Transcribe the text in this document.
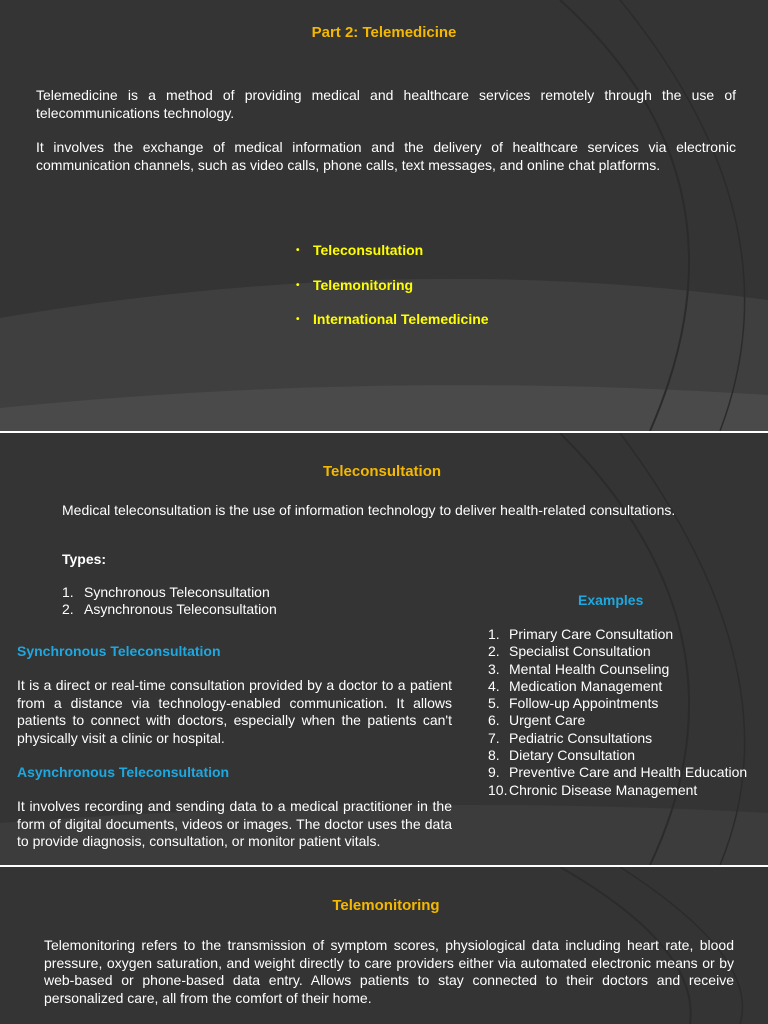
Part 2: Telemedicine

Telemedicine is a method of providing medical and healthcare services remotely through the use of telecommunications technology.

It involves the exchange of medical information and the delivery of healthcare services via electronic communication channels, such as video calls, phone calls, text messages, and online chat platforms.

• Teleconsultation
• Telemonitoring
• International Telemedicine
Teleconsultation

Medical teleconsultation is the use of information technology to deliver health-related consultations.

Types:

1. Synchronous Teleconsultation
2. Asynchronous Teleconsultation
Synchronous Teleconsultation

It is a direct or real-time consultation provided by a doctor to a patient from a distance via technology-enabled communication. It allows patients to connect with doctors, especially when the patients can't physically visit a clinic or hospital.

Asynchronous Teleconsultation

It involves recording and sending data to a medical practitioner in the form of digital documents, videos or images. The doctor uses the data to provide diagnosis, consultation, or monitor patient vitals.

Examples
1. Primary Care Consultation
2. Specialist Consultation
3. Mental Health Counseling
4. Medication Management
5. Follow-up Appointments
6. Urgent Care
7. Pediatric Consultations
8. Dietary Consultation
9. Preventive Care and Health Education
10. Chronic Disease Management
Telemonitoring

Telemonitoring refers to the transmission of symptom scores, physiological data including heart rate, blood pressure, oxygen saturation, and weight directly to care providers either via automated electronic means or by web-based or phone-based data entry. Allows patients to stay connected to their doctors and receive personalized care, all from the comfort of their home.
